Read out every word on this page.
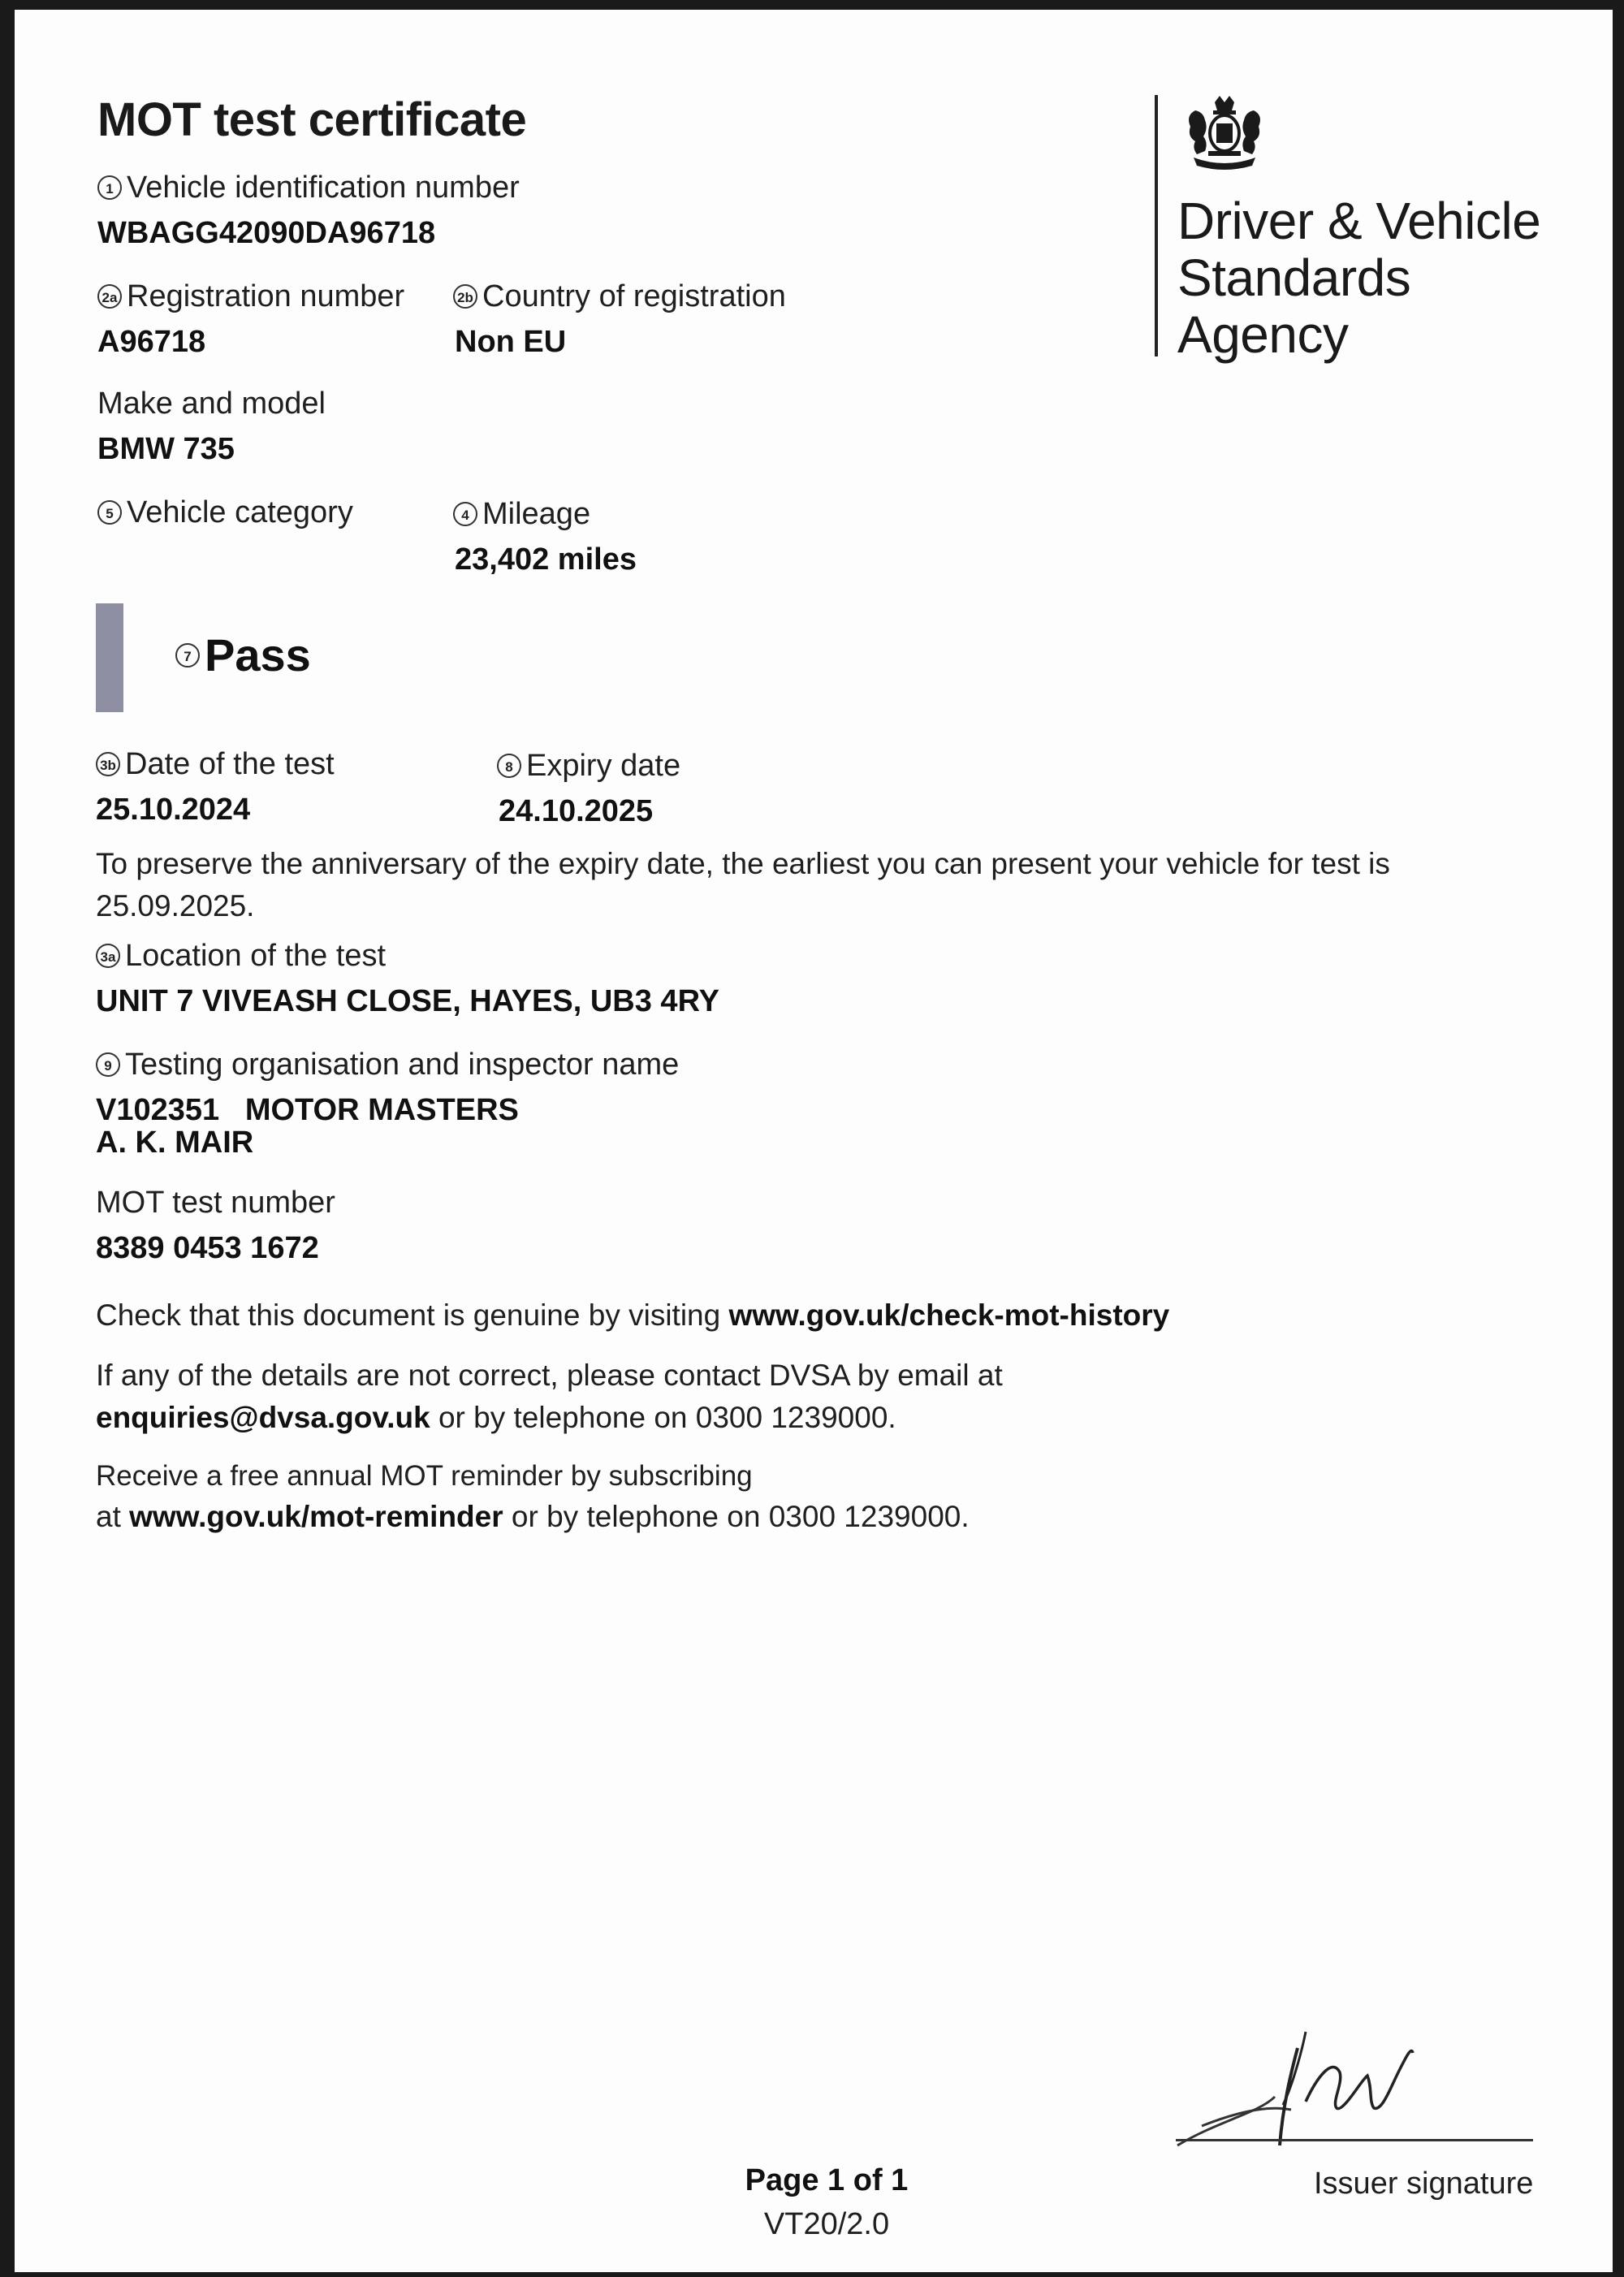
MOT test certificate
Driver & Vehicle
Standards
Agency
1 Vehicle identification number
WBAGG42090DA96718
2a Registration number
A96718
2b Country of registration
Non EU
Make and model
BMW 735
5 Vehicle category	4 Mileage
23,402 miles
7 Pass
3b Date of the test
25.10.2024
8 Expiry date
24.10.2025
To preserve the anniversary of the expiry date, the earliest you can present your vehicle for test is
25.09.2025.
3a Location of the test
UNIT 7 VIVEASH CLOSE, HAYES, UB3 4RY
9 Testing organisation and inspector name
V102351   MOTOR MASTERS
A. K. MAIR
MOT test number
8389 0453 1672
Check that this document is genuine by visiting www.gov.uk/check-mot-history
If any of the details are not correct, please contact DVSA by email at
enquiries@dvsa.gov.uk or by telephone on 0300 1239000.
Receive a free annual MOT reminder by subscribing
at www.gov.uk/mot-reminder or by telephone on 0300 1239000.
Issuer signature
Page 1 of 1
VT20/2.0
